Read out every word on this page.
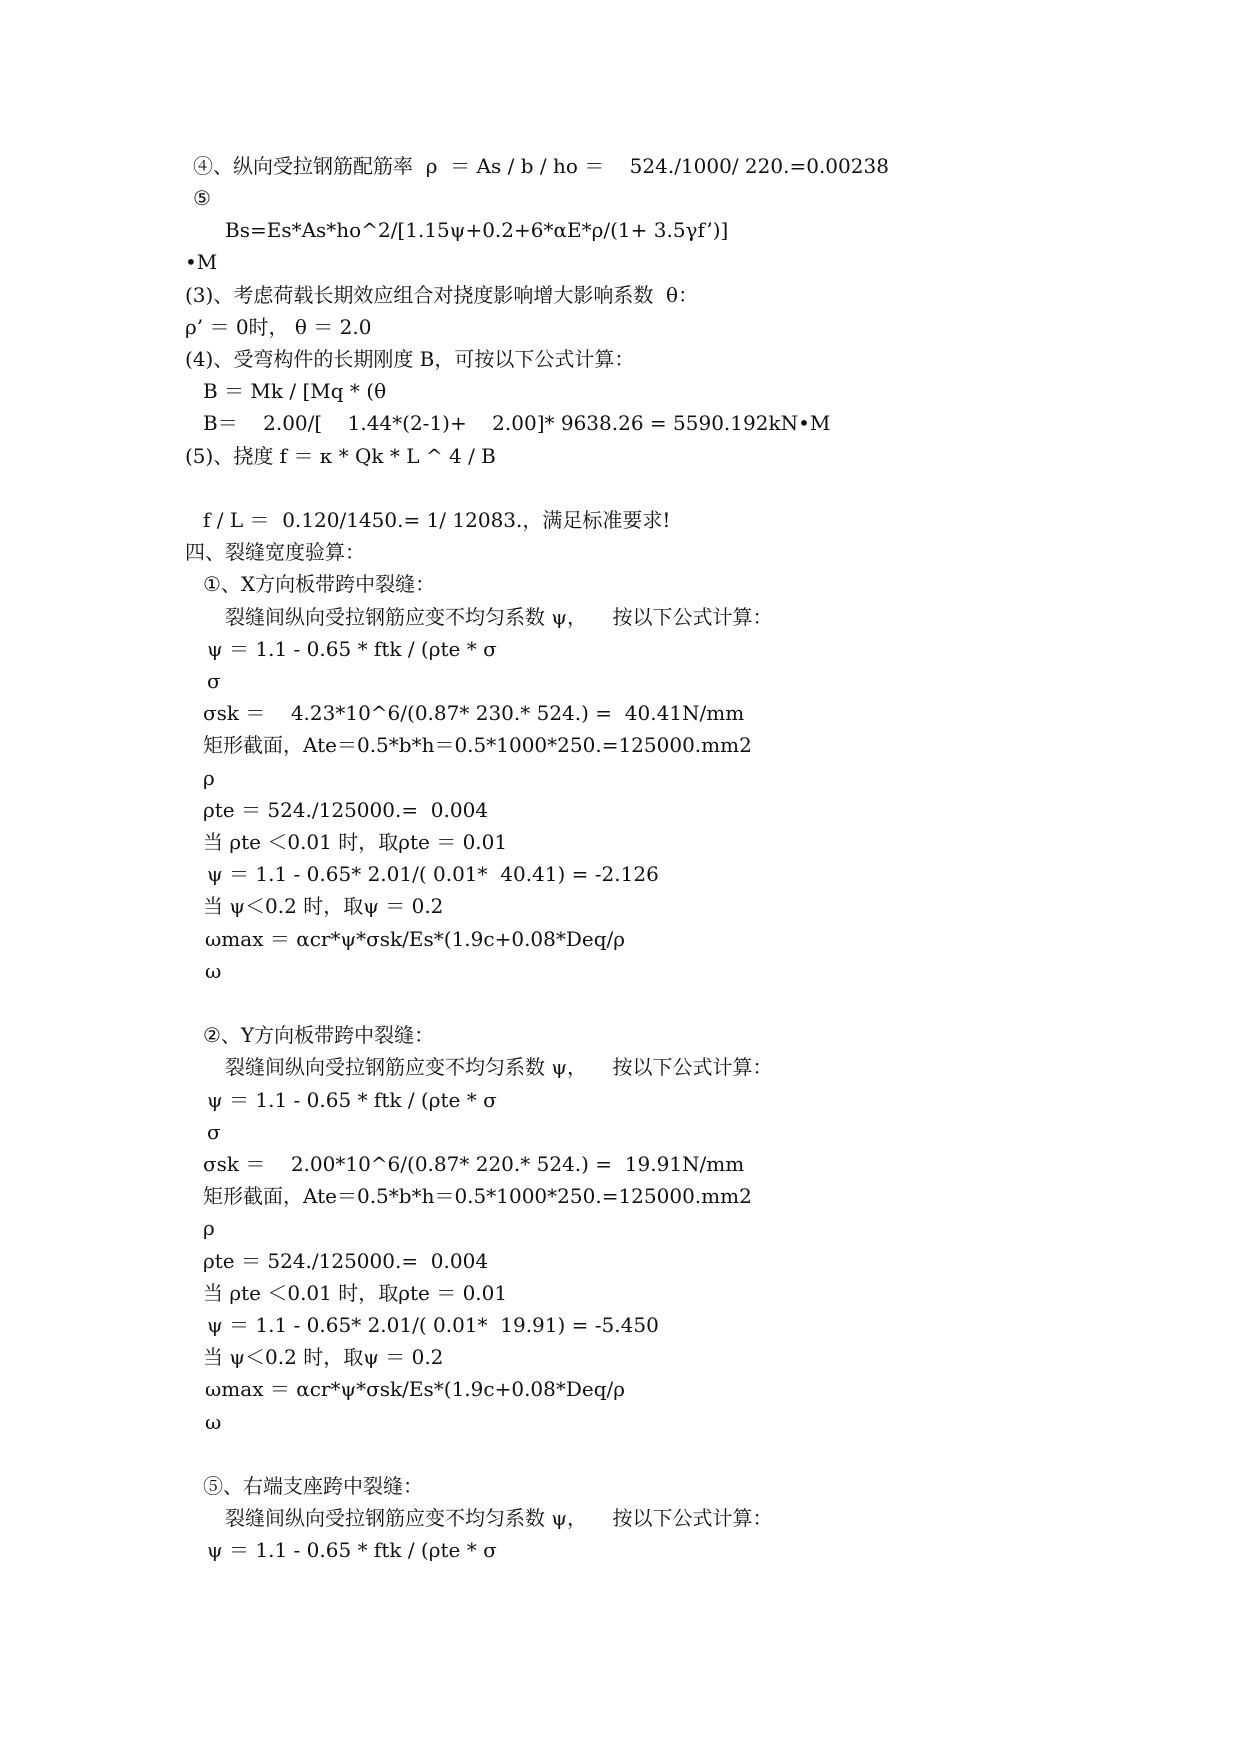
④、纵向受拉钢筋配筋率  ρ  ＝ As / b / ho ＝    524./1000/ 220.=0.00238
⑤
Bs=Es*As*ho^2/[1.15ψ+0.2+6*αE*ρ/(1+ 3.5γf’)]
•M
(3)、考虑荷载长期效应组合对挠度影响增大影响系数  θ：
ρ’ ＝ 0时， θ ＝ 2.0
(4)、受弯构件的长期刚度 B，可按以下公式计算：
B ＝ Mk / [Mq * (θ
B＝    2.00/[    1.44*(2-1)+    2.00]* 9638.26 = 5590.192kN•M
(5)、挠度 f ＝ κ * Qk * L ^ 4 / B
f / L ＝  0.120/1450.= 1/ 12083.，满足标准要求!
四、裂缝宽度验算：
①、X方向板带跨中裂缝：
裂缝间纵向受拉钢筋应变不均匀系数 ψ，    按以下公式计算：
ψ ＝ 1.1 - 0.65 * ftk / (ρte * σ
σ
σsk ＝    4.23*10^6/(0.87* 230.* 524.) =  40.41N/mm
矩形截面，Ate＝0.5*b*h＝0.5*1000*250.=125000.mm2
ρ
ρte ＝ 524./125000.=  0.004
当 ρte ＜0.01 时，取ρte ＝ 0.01
ψ ＝ 1.1 - 0.65* 2.01/( 0.01*  40.41) = -2.126
当 ψ＜0.2 时，取ψ ＝ 0.2
ωmax ＝ αcr*ψ*σsk/Es*(1.9c+0.08*Deq/ρ
ω
②、Y方向板带跨中裂缝：
裂缝间纵向受拉钢筋应变不均匀系数 ψ，    按以下公式计算：
ψ ＝ 1.1 - 0.65 * ftk / (ρte * σ
σ
σsk ＝    2.00*10^6/(0.87* 220.* 524.) =  19.91N/mm
矩形截面，Ate＝0.5*b*h＝0.5*1000*250.=125000.mm2
ρ
ρte ＝ 524./125000.=  0.004
当 ρte ＜0.01 时，取ρte ＝ 0.01
ψ ＝ 1.1 - 0.65* 2.01/( 0.01*  19.91) = -5.450
当 ψ＜0.2 时，取ψ ＝ 0.2
ωmax ＝ αcr*ψ*σsk/Es*(1.9c+0.08*Deq/ρ
ω
⑤、右端支座跨中裂缝：
裂缝间纵向受拉钢筋应变不均匀系数 ψ，    按以下公式计算：
ψ ＝ 1.1 - 0.65 * ftk / (ρte * σ
